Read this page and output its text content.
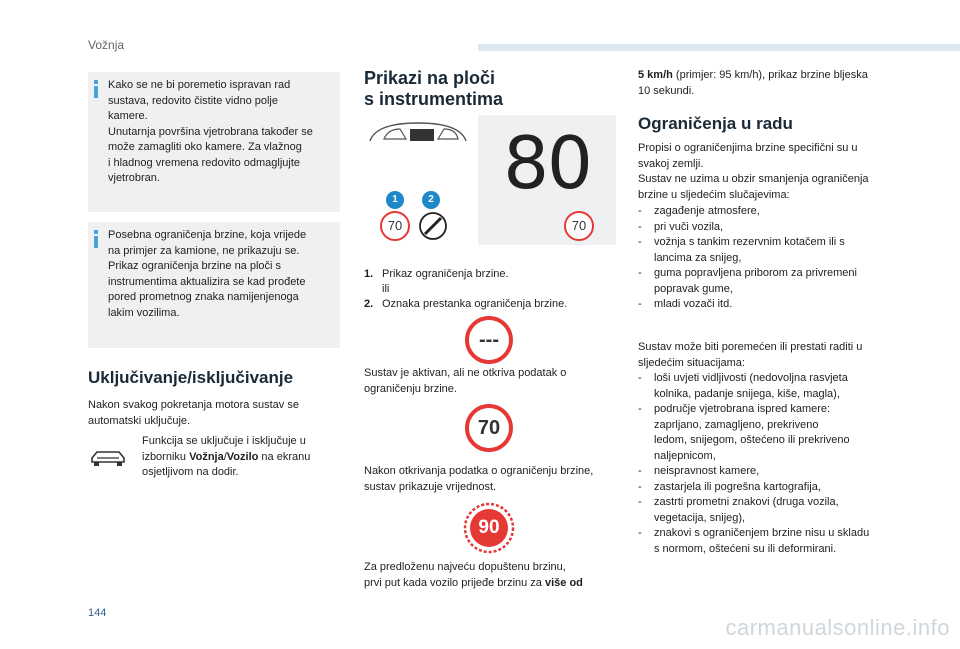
Vožnja

Kako se ne bi poremetio ispravan rad
sustava, redovito čistite vidno polje
kamere.
Unutarnja površina vjetrobrana također se
može zamagliti oko kamere. Za vlažnog
i hladnog vremena redovito odmagljujte
vjetrobran.

Posebna ograničenja brzine, koja vrijede
na primjer za kamione, ne prikazuju se.
Prikaz ograničenja brzine na ploči s
instrumentima aktualizira se kad prođete
pored prometnog znaka namijenjenoga
lakim vozilima.

Uključivanje/isključivanje
Nakon svakog pokretanja motora sustav se
automatski uključuje.
Funkcija se uključuje i isključuje u
izborniku Vožnja/Vozilo na ekranu
osjetljivom na dodir.
Prikazi na ploči
s instrumentima
1	2
70
80
70

1. Prikaz ograničenja brzine.
ili

2. Oznaka prestanka ograničenja brzine.
---
Sustav je aktivan, ali ne otkriva podatak o
ograničenju brzine.
70
Nakon otkrivanja podatka o ograničenju brzine,
sustav prikazuje vrijednost.
90
Za predloženu najveću dopuštenu brzinu,
prvi put kada vozilo prijeđe brzinu za više od
5 km/h (primjer: 95 km/h), prikaz brzine bljeska
10 sekundi.
Ograničenja u radu
Propisi o ograničenjima brzine specifični su u
svakoj zemlji.
Sustav ne uzima u obzir smanjenja ograničenja
brzine u sljedećim slučajevima:
- zagađenje atmosfere,
- pri vuči vozila,
- vožnja s tankim rezervnim kotačem ili s
lancima za snijeg,
- guma popravljena priborom za privremeni
popravak gume,
- mladi vozači itd.
Sustav može biti poremećen ili prestati raditi u
sljedećim situacijama:
- loši uvjeti vidljivosti (nedovoljna rasvjeta
kolnika, padanje snijega, kiše, magla),
- područje vjetrobrana ispred kamere:
zaprljano, zamagljeno, prekriveno
ledom, snijegom, oštećeno ili prekriveno
naljepnicom,
- neispravnost kamere,
- zastarjela ili pogrešna kartografija,
- zastrti prometni znakovi (druga vozila,
vegetacija, snijeg),
- znakovi s ograničenjem brzine nisu u skladu
s normom, oštećeni su ili deformirani.
144
carmanualsonline.info
